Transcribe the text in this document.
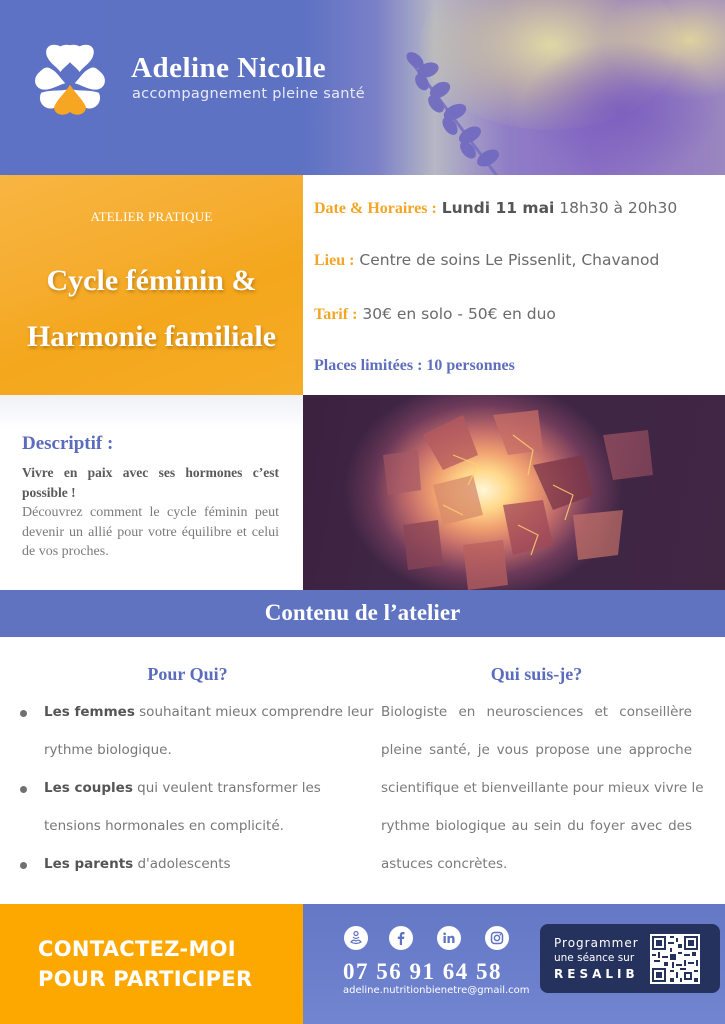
Adeline Nicolle
accompagnement pleine santé
ATELIER PRATIQUE
Cycle féminin &
Harmonie familiale
Date & Horaires : Lundi 11 mai 18h30 à 20h30
Lieu : Centre de soins Le Pissenlit, Chavanod
Tarif : 30€ en solo - 50€ en duo
Places limitées : 10 personnes
Descriptif :

Vivre en paix avec ses hormones c’est possible !

Découvrez comment le cycle féminin peut devenir un allié pour votre équilibre et celui de vos proches.

Contenu de l’atelier
Pour Qui?
Les femmes souhaitant mieux comprendre leur
rythme biologique.
Les couples qui veulent transformer les
tensions hormonales en complicité.
Les parents d'adolescents
Qui suis-je?
Biologiste en neurosciences et conseillère
pleine santé, je vous propose une approche
scientifique et bienveillante pour mieux vivre le
rythme biologique au sein du foyer avec des
astuces concrètes.
CONTACTEZ-MOI
POUR PARTICIPER	07 56 91 64 58
adeline.nutritionbienetre@gmail.com
Programmer
une séance sur
RESALIB
